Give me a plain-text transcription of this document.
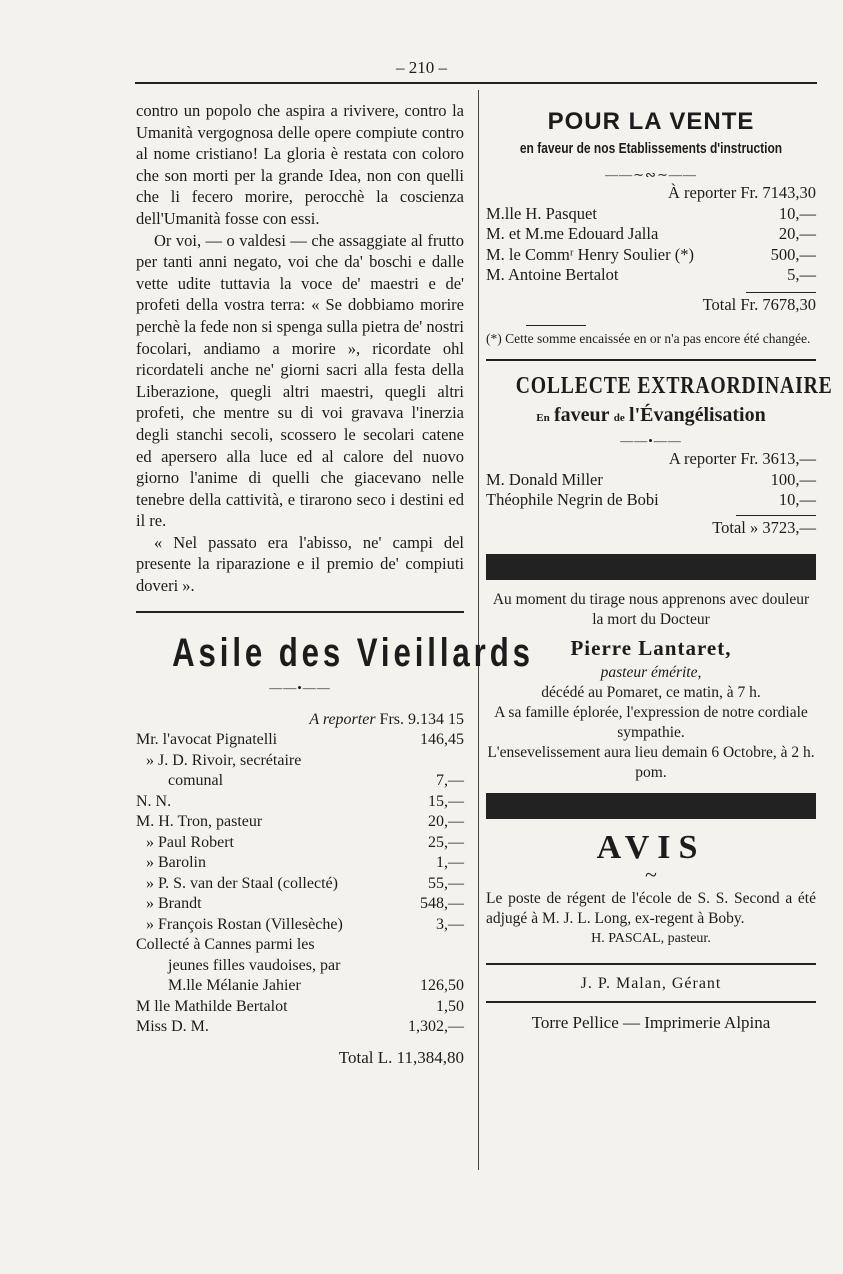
– 210 –

contro un popolo che aspira a rivivere, contro la Umanità vergognosa delle opere compiute contro al nome cristiano! La gloria è restata con coloro che son morti per la grande Idea, non con quelli che li fecero morire, perocchè la coscienza dell'Umanità fosse con essi.

Or voi, — o valdesi — che assaggiate al frutto per tanti anni negato, voi che da' boschi e dalle vette udite tuttavia la voce de' maestri e de' profeti della vostra terra: « Se dobbiamo morire perchè la fede non si spenga sulla pietra de' nostri focolari, andiamo a morire », ricordate ohl ricordateli anche ne' giorni sacri alla festa della Liberazione, quegli altri maestri, quegli altri profeti, che mentre su di voi gravava l'inerzia degli stanchi secoli, scossero le secolari catene ed apersero alla luce ed al calore del nuovo giorno l'anime di quelli che giacevano nelle tenebre della cattività, e tirarono seco i destini ed il re.

« Nel passato era l'abisso, ne' campi del presente la riparazione e il premio de' compiuti doveri ».

Asile des Vieillards
——•——
A reporter Frs. 9.134 15
Mr. l'avocat Pignatelli	146,45
» J. D. Rivoir, secrétaire
comunal	7,—
N. N.	15,—
M. H. Tron, pasteur	20,—
» Paul Robert	25,—
» Barolin	1,—
» P. S. van der Staal (collecté)	55,—
» Brandt	548,—
» François Rostan (Villesèche)	3,—
Collecté à Cannes parmi les
jeunes filles vaudoises, par
M.lle Mélanie Jahier	126,50
M lle Mathilde Bertalot	1,50
Miss D. M.	1,302,—
Total L. 11,384,80
POUR LA VENTE
en faveur de nos Etablissements d'instruction
——∼∾∼——
À reporter Fr. 7143,30
M.lle H. Pasquet	10,—
M. et M.me Edouard Jalla	20,—
M. le Commʳ Henry Soulier (*)	500,—
M. Antoine Bertalot	5,—
Total Fr. 7678,30
(*) Cette somme encaissée en or n'a pas encore été changée.
COLLECTE EXTRAORDINAIRE
En faveur de l'Évangélisation
——•——
A reporter Fr. 3613,—
M. Donald Miller	100,—
Théophile Negrin de Bobi	10,—
Total » 3723,—
Au moment du tirage nous apprenons avec douleur la mort du Docteur
Pierre Lantaret,
pasteur émérite,
décédé au Pomaret, ce matin, à 7 h.
A sa famille éplorée, l'expression de notre cordiale sympathie.
L'ensevelissement aura lieu demain 6 Octobre, à 2 h. pom.
AVIS
~
Le poste de régent de l'école de S. S. Second a été adjugé à M. J. L. Long, ex-regent à Boby.
H. PASCAL, pasteur.
J. P. Malan, Gérant
Torre Pellice — Imprimerie Alpina
